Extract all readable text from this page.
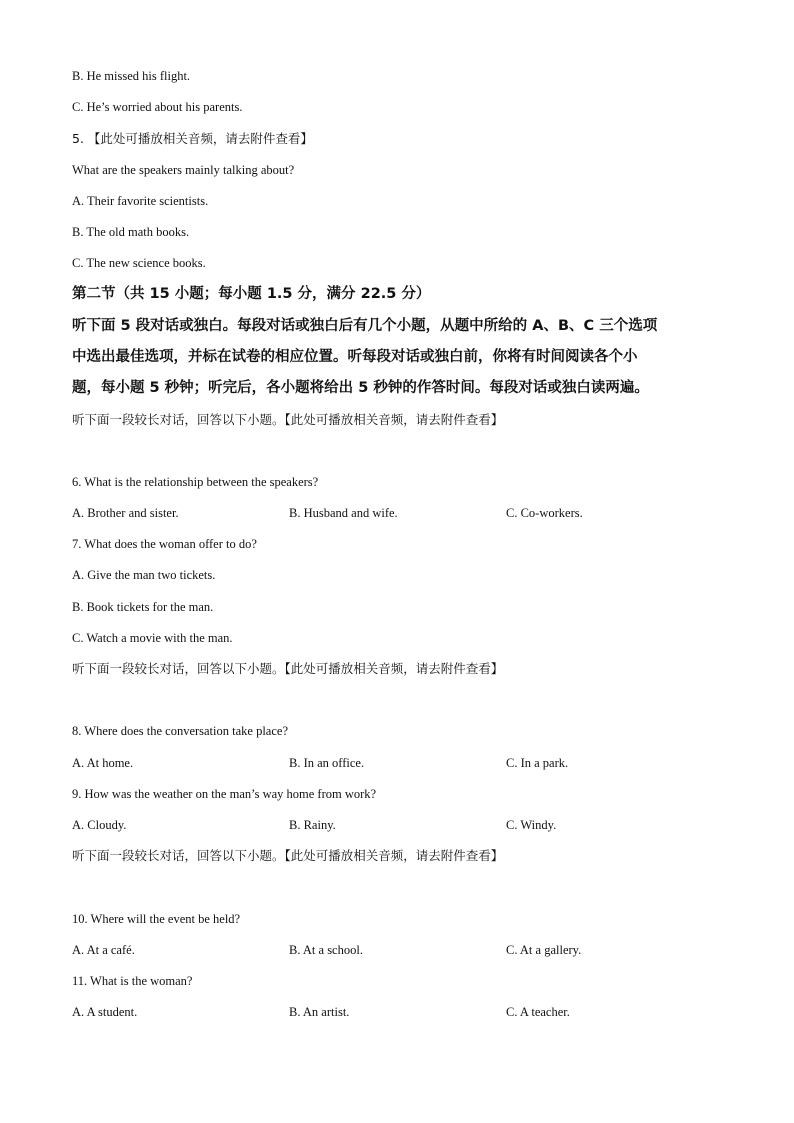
B. He missed his flight.
C. He’s worried about his parents.
5. 【此处可播放相关音频，请去附件查看】
What are the speakers mainly talking about?
A. Their favorite scientists.
B. The old math books.
C. The new science books.
第二节（共 15 小题；每小题 1.5 分，满分 22.5 分）
听下面 5 段对话或独白。每段对话或独白后有几个小题，从题中所给的 A、B、C 三个选项
中选出最佳选项，并标在试卷的相应位置。听每段对话或独白前，你将有时间阅读各个小
题，每小题 5 秒钟；听完后，各小题将给出 5 秒钟的作答时间。每段对话或独白读两遍。
听下面一段较长对话，回答以下小题。【此处可播放相关音频，请去附件查看】
6. What is the relationship between the speakers?
A. Brother and sister.	B. Husband and wife.	C. Co-workers.
7. What does the woman offer to do?
A. Give the man two tickets.
B. Book tickets for the man.
C. Watch a movie with the man.
听下面一段较长对话，回答以下小题。【此处可播放相关音频，请去附件查看】
8. Where does the conversation take place?
A. At home.	B. In an office.	C. In a park.
9. How was the weather on the man’s way home from work?
A. Cloudy.	B. Rainy.	C. Windy.
听下面一段较长对话，回答以下小题。【此处可播放相关音频，请去附件查看】
10. Where will the event be held?
A. At a café.	B. At a school.	C. At a gallery.
11. What is the woman?
A. A student.	B. An artist.	C. A teacher.
